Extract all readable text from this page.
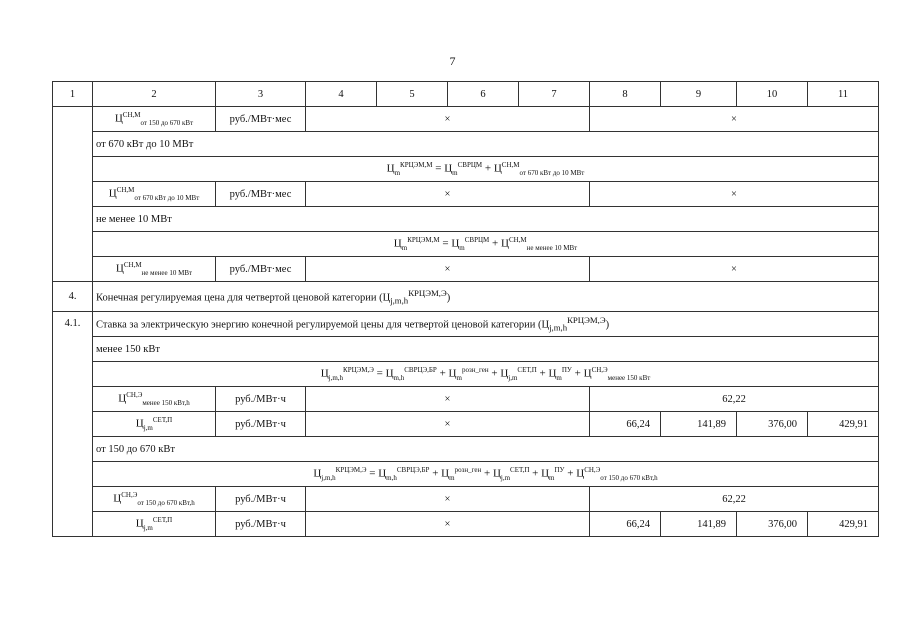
7
1	2	3	4	5	6	7	8	9	10	11
	$Ц^{СН,М}_{от 150 до 670 кВт}$	руб./МВт·мес	×				×			
	от 670 кВт до 10 МВт									
	$Ц_m^{КРЦЭМ,М} = Ц_m^{СВРЦМ} + Ц^{СН,М}_{от 670 кВт до 10 МВт}$
	$Ц^{СН,М}_{от 670 кВт до 10 МВт}$	руб./МВт·мес	×				×			
	не менее 10 МВт									
	$Ц_m^{КРЦЭМ,М} = Ц_m^{СВРЦМ} + Ц^{СН,М}_{не менее 10 МВт}$
	$Ц^{СН,М}_{не менее 10 МВт}$	руб./МВт·мес	×				×			
4.	Конечная регулируемая цена для четвертой ценовой категории $(Ц_{j,m,h}^{КРЦЭМ,Э})$									
4.1.	Ставка за электрическую энергию конечной регулируемой цены для четвертой ценовой категории $(Ц_{j,m,h}^{КРЦЭМ,Э})$									
	менее 150 кВт									
	$Ц_{j,m,h}^{КРЦЭМ,Э} = Ц_{m,h}^{СВРЦЭ,БР} + Ц_m^{розн\_ген} + Ц_{j,m}^{СЕТ,П} + Ц_m^{ПУ} + Ц^{СН,Э}_{менее 150 кВт}$
	$Ц^{СН,Э}_{менее 150 кВт,h}$	руб./МВт·ч	×				62,22			
	$Ц_{j,m}^{СЕТ,П}$	руб./МВт·ч	×				66,24	141,89	376,00	429,91
	от 150 до 670 кВт									
	$Ц_{j,m,h}^{КРЦЭМ,Э} = Ц_{m,h}^{СВРЦЭ,БР} + Ц_m^{розн\_ген} + Ц_{j,m}^{СЕТ,П} + Ц_m^{ПУ} + Ц^{СН,Э}_{от 150 до 670 кВт,h}$
	$Ц^{СН,Э}_{от 150 до 670 кВт,h}$	руб./МВт·ч	×				62,22			
	$Ц_{j,m}^{СЕТ,П}$	руб./МВт·ч	×				66,24	141,89	376,00	429,91
